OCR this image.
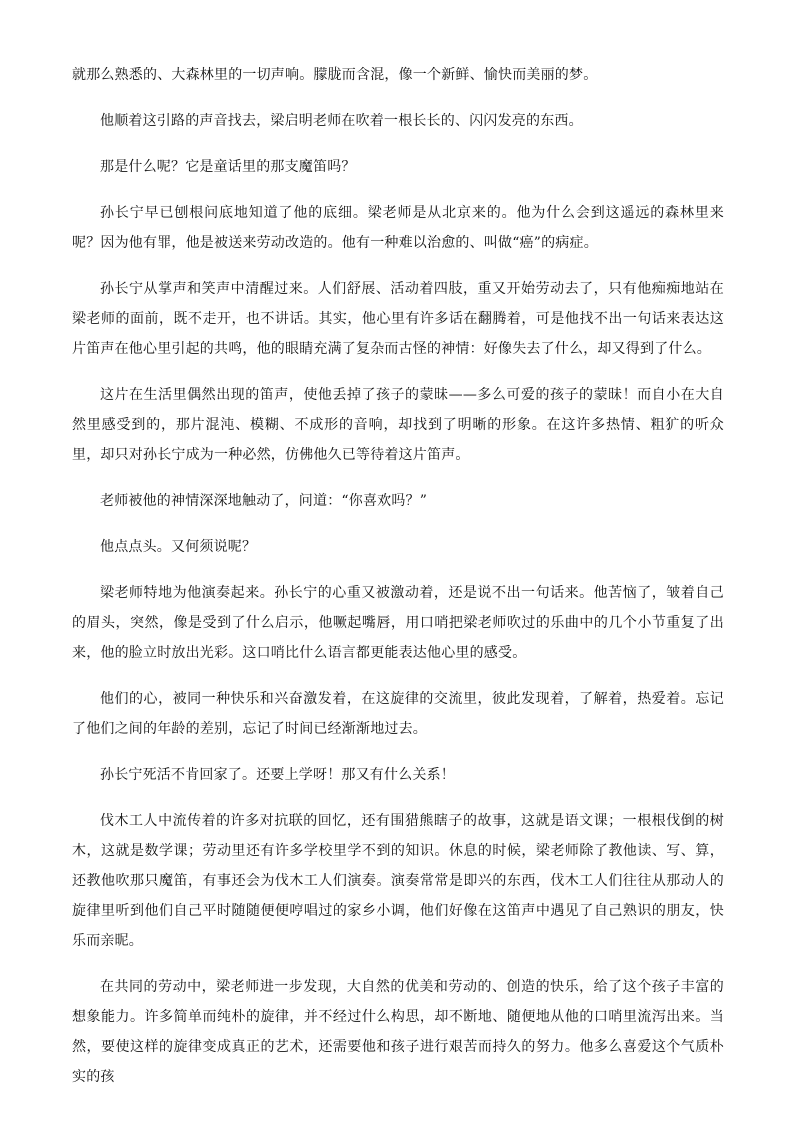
就那么熟悉的、大森林里的一切声响。朦胧而含混，像一个新鲜、愉快而美丽的梦。

他顺着这引路的声音找去，梁启明老师在吹着一根长长的、闪闪发亮的东西。

那是什么呢？它是童话里的那支魔笛吗？

孙长宁早已刨根问底地知道了他的底细。梁老师是从北京来的。他为什么会到这遥远的森林里来呢？因为他有罪，他是被送来劳动改造的。他有一种难以治愈的、叫做“癌”的病症。

孙长宁从掌声和笑声中清醒过来。人们舒展、活动着四肢，重又开始劳动去了，只有他痴痴地站在梁老师的面前，既不走开，也不讲话。其实，他心里有许多话在翻腾着，可是他找不出一句话来表达这片笛声在他心里引起的共鸣，他的眼睛充满了复杂而古怪的神情：好像失去了什么，却又得到了什么。

这片在生活里偶然出现的笛声，使他丢掉了孩子的蒙昧——多么可爱的孩子的蒙昧！而自小在大自然里感受到的，那片混沌、模糊、不成形的音响，却找到了明晰的形象。在这许多热情、粗犷的听众里，却只对孙长宁成为一种必然，仿佛他久已等待着这片笛声。

老师被他的神情深深地触动了，问道：“你喜欢吗？”

他点点头。又何须说呢？

梁老师特地为他演奏起来。孙长宁的心重又被激动着，还是说不出一句话来。他苦恼了，皱着自己的眉头，突然，像是受到了什么启示，他噘起嘴唇，用口哨把梁老师吹过的乐曲中的几个小节重复了出来，他的脸立时放出光彩。这口哨比什么语言都更能表达他心里的感受。

他们的心，被同一种快乐和兴奋激发着，在这旋律的交流里，彼此发现着，了解着，热爱着。忘记了他们之间的年龄的差别，忘记了时间已经渐渐地过去。

孙长宁死活不肯回家了。还要上学呀！那又有什么关系！

伐木工人中流传着的许多对抗联的回忆，还有围猎熊瞎子的故事，这就是语文课；一根根伐倒的树木，这就是数学课；劳动里还有许多学校里学不到的知识。休息的时候，梁老师除了教他读、写、算，还教他吹那只魔笛，有事还会为伐木工人们演奏。演奏常常是即兴的东西，伐木工人们往往从那动人的旋律里听到他们自己平时随随便便哼唱过的家乡小调，他们好像在这笛声中遇见了自己熟识的朋友，快乐而亲昵。

在共同的劳动中，梁老师进一步发现，大自然的优美和劳动的、创造的快乐，给了这个孩子丰富的想象能力。许多简单而纯朴的旋律，并不经过什么构思，却不断地、随便地从他的口哨里流泻出来。当然，要使这样的旋律变成真正的艺术，还需要他和孩子进行艰苦而持久的努力。他多么喜爱这个气质朴实的孩
